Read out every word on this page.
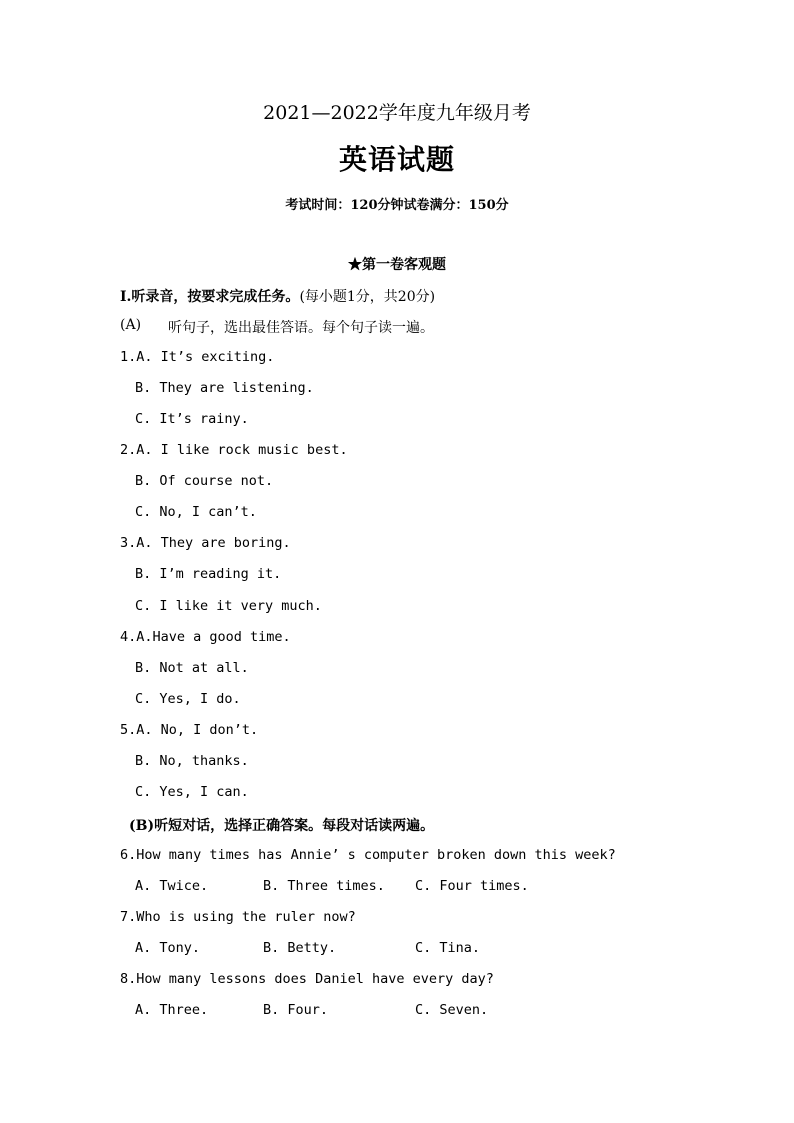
2021—2022学年度九年级月考
英语试题
考试时间：120分钟试卷满分：150分
★第一卷客观题
Ⅰ.听录音，按要求完成任务。(每小题1分，共20分)
(A) 听句子，选出最佳答语。每个句子读一遍。
1.A. It’s exciting.
B. They are listening.
C. It’s rainy.
2.A. I like rock music best.
B. Of course not.
C. No, I can’t.
3.A. They are boring.
B. I’m reading it.
C. I like it very much.
4.A.Have a good time.
B. Not at all.
C. Yes, I do.
5.A. No, I don’t.
B. No, thanks.
C. Yes, I can.
(B)听短对话，选择正确答案。每段对话读两遍。
6.How many times has Annie’ s computer broken down this week?
A. Twice.	B. Three times. C. Four times.
7.Who is using the ruler now?
A. Tony.	B. Betty.	C. Tina.
8.How many lessons does Daniel have every day?
A. Three.	B. Four.	C. Seven.
